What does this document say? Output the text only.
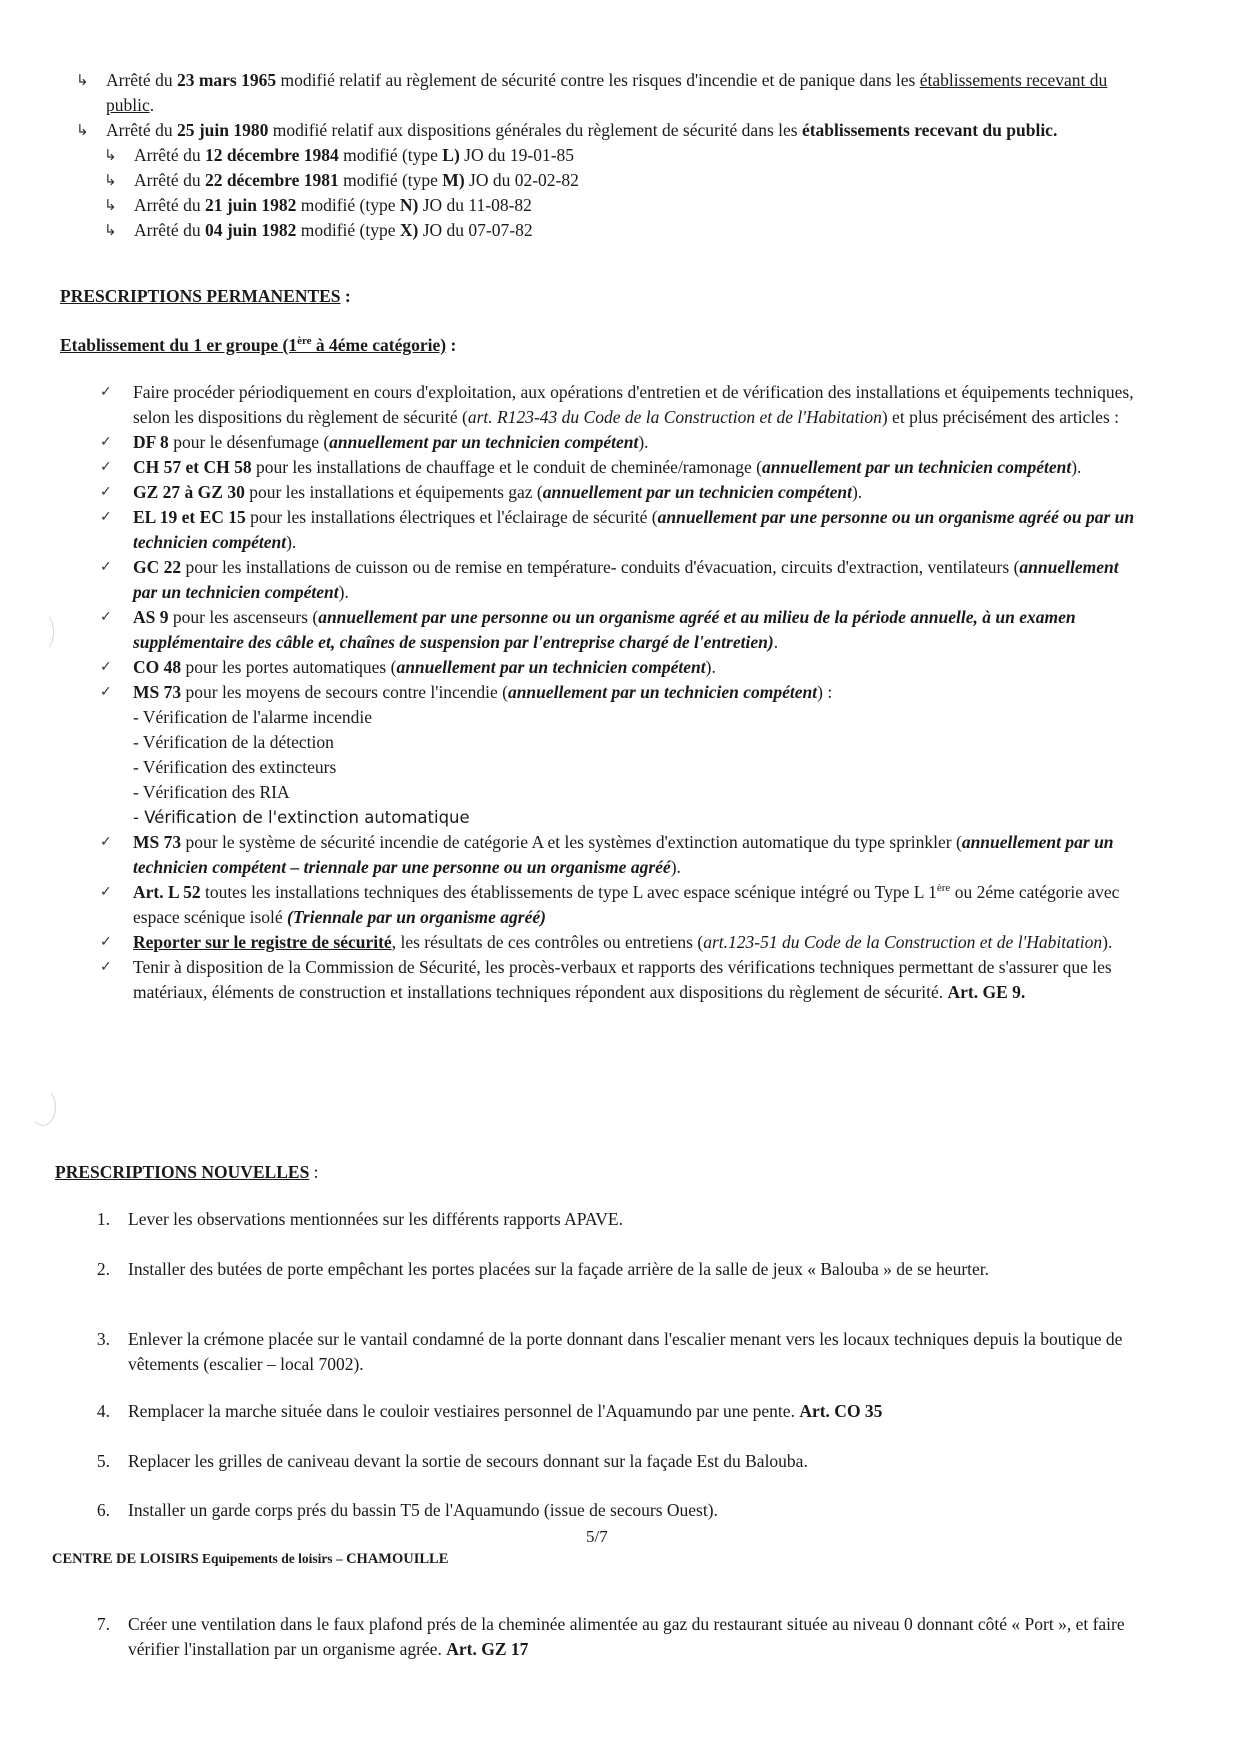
↳ Arrêté du 23 mars 1965 modifié relatif au règlement de sécurité contre les risques d'incendie et de panique dans les établissements recevant du public.
↳ Arrêté du 25 juin 1980 modifié relatif aux dispositions générales du règlement de sécurité dans les établissements recevant du public.
↳ Arrêté du 12 décembre 1984 modifié (type L) JO du 19-01-85
↳ Arrêté du 22 décembre 1981 modifié (type M) JO du 02-02-82
↳ Arrêté du 21 juin 1982 modifié (type N) JO du 11-08-82
↳ Arrêté du 04 juin 1982 modifié (type X) JO du 07-07-82
PRESCRIPTIONS PERMANENTES :
Etablissement du 1 er groupe (1ère à 4éme catégorie) :
✓ Faire procéder périodiquement en cours d'exploitation, aux opérations d'entretien et de vérification des installations et équipements techniques, selon les dispositions du règlement de sécurité (art. R123-43 du Code de la Construction et de l'Habitation) et plus précisément des articles :
✓ DF 8 pour le désenfumage (annuellement par un technicien compétent).
✓ CH 57 et CH 58 pour les installations de chauffage et le conduit de cheminée/ramonage (annuellement par un technicien compétent).
✓ GZ 27 à GZ 30 pour les installations et équipements gaz (annuellement par un technicien compétent).
✓ EL 19 et EC 15 pour les installations électriques et l'éclairage de sécurité (annuellement par une personne ou un organisme agréé ou par un technicien compétent).
✓ GC 22 pour les installations de cuisson ou de remise en température- conduits d'évacuation, circuits d'extraction, ventilateurs (annuellement par un technicien compétent).
✓ AS 9 pour les ascenseurs (annuellement par une personne ou un organisme agréé et au milieu de la période annuelle, à un examen supplémentaire des câble et, chaînes de suspension par l'entreprise chargé de l'entretien).
✓ CO 48 pour les portes automatiques (annuellement par un technicien compétent).
✓ MS 73 pour les moyens de secours contre l'incendie (annuellement par un technicien compétent) :
- Vérification de l'alarme incendie
- Vérification de la détection
- Vérification des extincteurs
- Vérification des RIA
- Vérification de l'extinction automatique
✓ MS 73 pour le système de sécurité incendie de catégorie A et les systèmes d'extinction automatique du type sprinkler (annuellement par un technicien compétent – triennale par une personne ou un organisme agréé).
✓ Art. L 52 toutes les installations techniques des établissements de type L avec espace scénique intégré ou Type L 1ère ou 2éme catégorie avec espace scénique isolé (Triennale par un organisme agréé)
✓ Reporter sur le registre de sécurité, les résultats de ces contrôles ou entretiens (art.123-51 du Code de la Construction et de l'Habitation).
✓ Tenir à disposition de la Commission de Sécurité, les procès-verbaux et rapports des vérifications techniques permettant de s'assurer que les matériaux, éléments de construction et installations techniques répondent aux dispositions du règlement de sécurité. Art. GE 9.
PRESCRIPTIONS NOUVELLES :
1. Lever les observations mentionnées sur les différents rapports APAVE.
2. Installer des butées de porte empêchant les portes placées sur la façade arrière de la salle de jeux « Balouba » de se heurter.
3. Enlever la crémone placée sur le vantail condamné de la porte donnant dans l'escalier menant vers les locaux techniques depuis la boutique de vêtements (escalier – local 7002).
4. Remplacer la marche située dans le couloir vestiaires personnel de l'Aquamundo par une pente. Art. CO 35
5. Replacer les grilles de caniveau devant la sortie de secours donnant sur la façade Est du Balouba.
6. Installer un garde corps prés du bassin T5 de l'Aquamundo (issue de secours Ouest).
5/7
CENTRE DE LOISIRS Equipements de loisirs – CHAMOUILLE
7. Créer une ventilation dans le faux plafond prés de la cheminée alimentée au gaz du restaurant située au niveau 0 donnant côté « Port », et faire vérifier l'installation par un organisme agrée. Art. GZ 17
